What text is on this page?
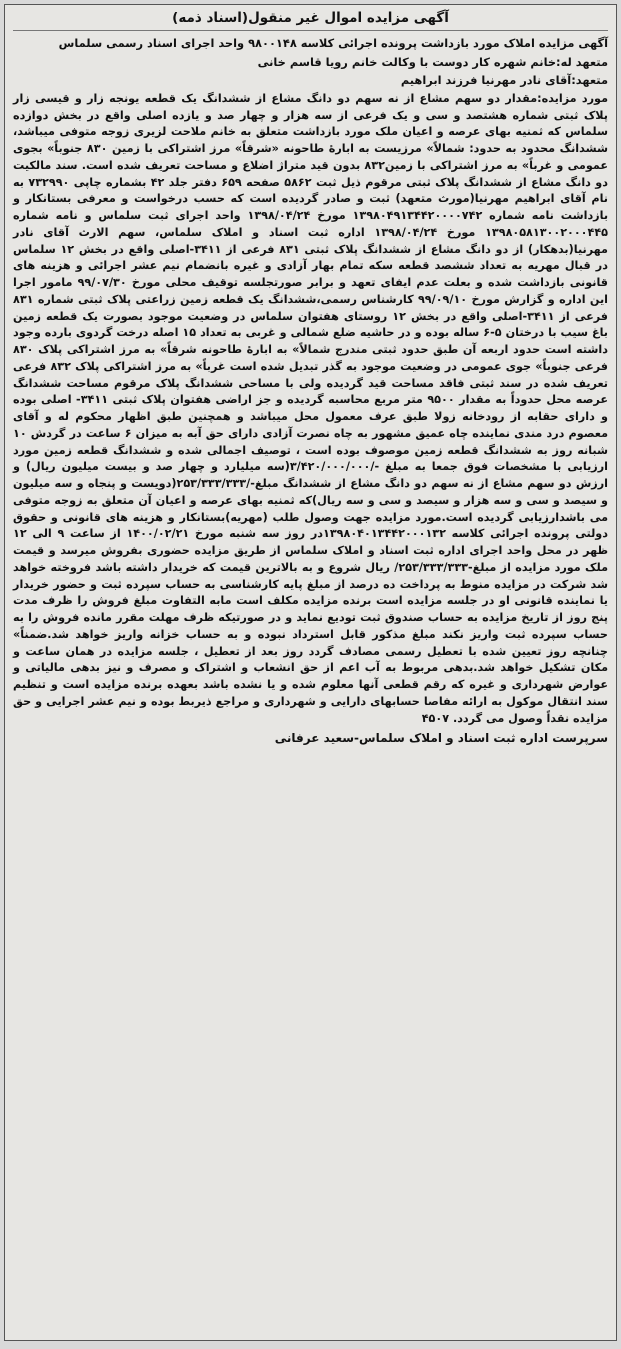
آگهی مزایده اموال غیر منقول(اسناد ذمه)

آگهی مزایده املاک مورد بازداشت پرونده اجرائی کلاسه ۹۸۰۰۱۴۸ واحد اجرای اسناد رسمی سلماس

متعهد له:خانم شهره کار دوست با وکالت خانم رویا قاسم خانی

متعهد:آقای نادر مهرنیا فرزند ابراهیم

مورد مزایده:مقدار دو سهم مشاع از نه سهم دو دانگ مشاع از ششدانگ یک قطعه یونجه زار و قیسی زار پلاک ثبتی شماره هشتصد و سی و یک فرعی از سه هزار و چهار صد و یازده اصلی واقع در بخش دوازده سلماس که ثمنیه بهای عرصه و اعیان ملک مورد بازداشت متعلق به خانم ملاحت لزیری زوجه متوفی میباشد، ششدانگ محدود به حدود: شمالاً» مرزیست به ابارهٔ طاحونه «شرقاً» مرز اشتراکی با زمین ۸۳۰ جنوباً» بجوی عمومی و غرباً» به مرز اشتراکی با زمین۸۳۲ بدون قید متراژ اضلاع و مساحت تعریف شده است. سند مالکیت دو دانگ مشاع از ششدانگ پلاک ثبتی مرقوم ذیل ثبت ۵۸۶۲ صفحه ۶۵۹ دفتر جلد ۴۲ بشماره چاپی ۷۳۲۹۹۰ به نام آقای ابراهیم مهرنیا(مورث متعهد) ثبت و صادر گردیده است که حسب درخواست و معرفی بستانکار و بازداشت نامه شماره ۱۳۹۸۰۴۹۱۳۴۴۲۰۰۰۰۷۴۲ مورخ ۱۳۹۸/۰۴/۲۴ واحد اجرای ثبت سلماس و نامه شماره ۱۳۹۸۰۵۸۱۳۰۰۲۰۰۰۴۴۵ مورخ ۱۳۹۸/۰۴/۲۴ اداره ثبت اسناد و املاک سلماس، سهم الارث آقای نادر مهرنیا(بدهکار) از دو دانگ مشاع از ششدانگ پلاک ثبتی ۸۳۱ فرعی از ۳۴۱۱-اصلی واقع در بخش ۱۲ سلماس در قبال مهریه به تعداد ششصد قطعه سکه تمام بهار آزادی و غیره بانضمام نیم عشر اجرائی و هزینه های قانونی بازداشت شده و بعلت عدم ایفای تعهد و برابر صورتجلسه توقیف محلی مورخ ۹۹/۰۷/۳۰ مامور اجرا این اداره و گزارش مورخ ۹۹/۰۹/۱۰ کارشناس رسمی،ششدانگ یک قطعه زمین زراعتی پلاک ثبتی شماره ۸۳۱ فرعی از ۳۴۱۱-اصلی واقع در بخش ۱۲ روستای هفتوان سلماس در وضعیت موجود بصورت یک قطعه زمین باغ سیب با درختان ۵-۶ ساله بوده و در حاشیه ضلع شمالی و غربی به تعداد ۱۵ اصله درخت گردوی بارده وجود داشته است حدود اربعه آن طبق حدود ثبتی مندرج شمالاً» به ابارهٔ طاحونه شرقاً» به مرز اشتراکی پلاک ۸۳۰ فرعی جنوباً» جوی عمومی در وضعیت موجود به گذر تبدیل شده است غرباً» به مرز اشتراکی پلاک ۸۳۲ فرعی تعریف شده در سند ثبتی فاقد مساحت قید گردیده ولی با مساحی ششدانگ پلاک مرقوم مساحت ششدانگ عرصه محل حدوداً به مقدار ۹۵۰۰ متر مربع محاسبه گردیده و جز اراضی هفتوان پلاک ثبتی ۳۴۱۱- اصلی بوده و دارای حقابه از رودخانه زولا طبق عرف معمول محل میباشد و همچنین طبق اظهار محکوم له و آقای معصوم درد مندی نماینده چاه عمیق مشهور به چاه نصرت آزادی دارای حق آبه به میزان ۶ ساعت در گردش ۱۰ شبانه روز به ششدانگ قطعه زمین موصوف بوده است ، توصیف اجمالی شده و ششدانگ قطعه زمین مورد ارزیابی با مشخصات فوق جمعا به مبلغ -/۳/۴۲۰/۰۰۰/۰۰۰(سه میلیارد و چهار صد و بیست میلیون ریال) و ارزش دو سهم مشاع از نه سهم دو دانگ مشاع از ششدانگ مبلغ-/۲۵۳/۳۳۳/۳۳۳(دویست و پنجاه و سه میلیون و سیصد و سی و سه هزار و سیصد و سی و سه ریال)که ثمنیه بهای عرصه و اعیان آن متعلق به زوجه متوفی می باشدارزیابی گردیده است.مورد مزایده جهت وصول طلب (مهریه)بستانکار و هزینه های قانونی و حقوق دولتی پرونده اجرائی کلاسه ۱۳۹۸۰۴۰۱۳۴۴۲۰۰۰۱۳۲در روز سه شنبه مورخ ۱۴۰۰/۰۲/۲۱ از ساعت ۹ الی ۱۲ ظهر در محل واحد اجرای اداره ثبت اسناد و املاک سلماس از طریق مزایده حضوری بفروش میرسد و قیمت ملک مورد مزایده از مبلغ-۲۵۳/۳۳۳/۳۳۳/ ریال شروع و به بالاترین قیمت که خریدار داشته باشد فروخته خواهد شد شرکت در مزایده منوط به پرداخت ده درصد از مبلغ پایه کارشناسی به حساب سپرده ثبت و حضور خریدار یا نماینده قانونی او در جلسه مزایده است برنده مزایده مکلف است مابه التفاوت مبلغ فروش را ظرف مدت پنج روز از تاریخ مزایده به حساب صندوق ثبت تودیع نماید و در صورتیکه ظرف مهلت مقرر مانده فروش را به حساب سپرده ثبت واریز نکند مبلغ مذکور قابل استرداد نبوده و به حساب خزانه واریز خواهد شد.ضمناً» چنانچه روز تعیین شده با تعطیل رسمی مصادف گردد روز بعد از تعطیل ، جلسه مزایده در همان ساعت و مکان تشکیل خواهد شد.بدهی مربوط به آب اعم از حق انشعاب و اشتراک و مصرف و نیز بدهی مالیاتی و عوارض شهرداری و غیره که رقم قطعی آنها معلوم شده و یا نشده باشد بعهده برنده مزایده است و تنظیم سند انتقال موکول به ارائه مفاصا حسابهای دارایی و شهرداری و مراجع ذیربط بوده و نیم عشر اجرایی و حق مزایده نقداً وصول می گردد. ۴۵۰۷

سرپرست اداره ثبت اسناد و املاک سلماس-سعید عرفانی
